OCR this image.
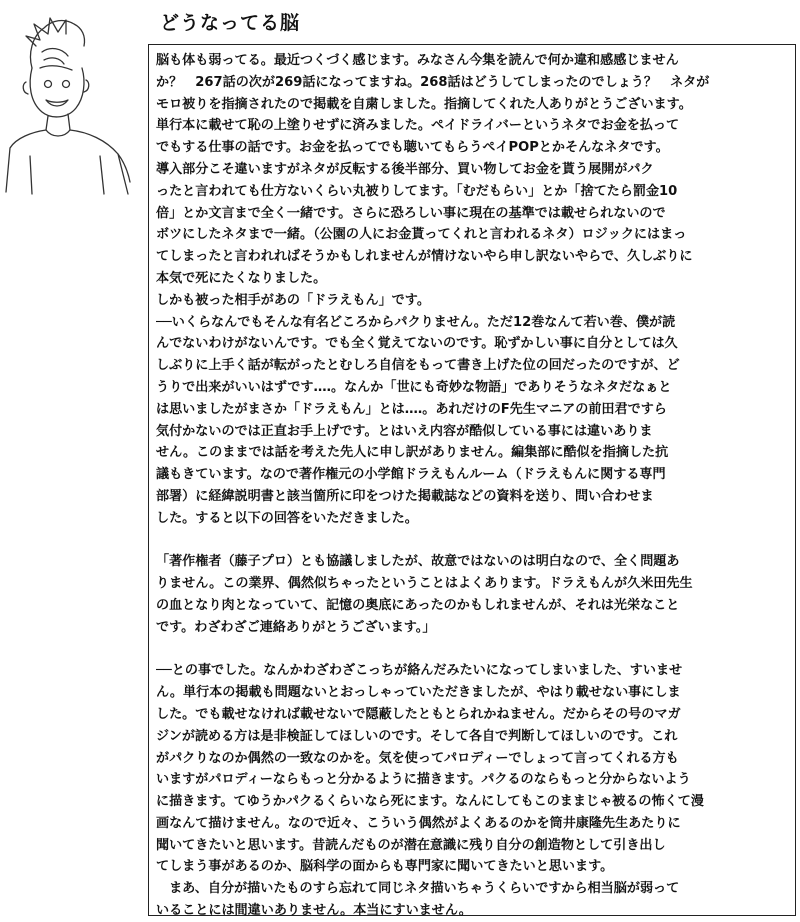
どうなってる脳
脳も体も弱ってる。最近つくづく感じます。みなさん今集を読んで何か違和感感じません
か？　267話の次が269話になってますね。268話はどうしてしまったのでしょう？　ネタが
モロ被りを指摘されたので掲載を自粛しました。指摘してくれた人ありがとうございます。
単行本に載せて恥の上塗りせずに済みました。ペイドライバーというネタでお金を払って
でもする仕事の話です。お金を払ってでも聴いてもらうペイPOPとかそんなネタです。
導入部分こそ違いますがネタが反転する後半部分、買い物してお金を貰う展開がパク
ったと言われても仕方ないくらい丸被りしてます。「むだもらい」とか「捨てたら罰金10
倍」とか文言まで全く一緒です。さらに恐ろしい事に現在の基準では載せられないので
ボツにしたネタまで一緒。（公園の人にお金貰ってくれと言われるネタ）ロジックにはまっ
てしまったと言われればそうかもしれませんが情けないやら申し訳ないやらで、久しぶりに
本気で死にたくなりました。
しかも被った相手があの「ドラえもん」です。
──いくらなんでもそんな有名どころからパクりません。ただ12巻なんて若い巻、僕が読
んでないわけがないんです。でも全く覚えてないのです。恥ずかしい事に自分としては久
しぶりに上手く話が転がったとむしろ自信をもって書き上げた位の回だったのですが、ど
うりで出来がいいはずです‥‥。なんか「世にも奇妙な物語」でありそうなネタだなぁと
は思いましたがまさか「ドラえもん」とは‥‥。あれだけのF先生マニアの前田君ですら
気付かないのでは正直お手上げです。とはいえ内容が酷似している事には違いありま
せん。このままでは話を考えた先人に申し訳がありません。編集部に酷似を指摘した抗
議もきています。なので著作権元の小学館ドラえもんルーム（ドラえもんに関する専門
部署）に経緯説明書と該当箇所に印をつけた掲載誌などの資料を送り、問い合わせま
した。すると以下の回答をいただきました。
「著作権者（藤子プロ）とも協議しましたが、故意ではないのは明白なので、全く問題あ
りません。この業界、偶然似ちゃったということはよくあります。ドラえもんが久米田先生
の血となり肉となっていて、記憶の奥底にあったのかもしれませんが、それは光栄なこと
です。わざわざご連絡ありがとうございます。」
──との事でした。なんかわざわざこっちが絡んだみたいになってしまいました、すいませ
ん。単行本の掲載も問題ないとおっしゃっていただきましたが、やはり載せない事にしま
した。でも載せなければ載せないで隠蔽したともとられかねません。だからその号のマガ
ジンが読める方は是非検証してほしいのです。そして各自で判断してほしいのです。これ
がパクりなのか偶然の一致なのかを。気を使ってパロディーでしょって言ってくれる方も
いますがパロディーならもっと分かるように描きます。パクるのならもっと分からないよう
に描きます。てゆうかパクるくらいなら死にます。なんにしてもこのままじゃ被るの怖くて漫
画なんて描けません。なので近々、こういう偶然がよくあるのかを筒井康隆先生あたりに
聞いてきたいと思います。昔読んだものが潜在意識に残り自分の創造物として引き出し
てしまう事があるのか、脳科学の面からも専門家に聞いてきたいと思います。
　まあ、自分が描いたものすら忘れて同じネタ描いちゃうくらいですから相当脳が弱って
いることには間違いありません。本当にすいません。
